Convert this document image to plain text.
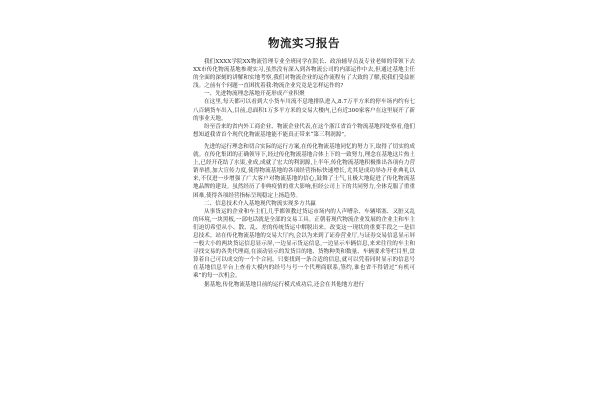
物流实习报告

我们XXXX学院XX物流管理专业全班同学在院长、政治辅导员及专业老师的带领下去XX市传化物流基地参观实习,虽然没有深入到各物流公司的内部运作中去,但通过基地主任的全面的深刻的讲解和实地考察,我们对物流企业的运作流程有了大致的了解,使我们受益匪浅。之前有个问题一直困扰着我:物流企业究竟是怎样运作的?

一、先进物流理念落地开花形成产业积聚

在这里,每天都可以看到大小货车川流不息地排队进入,8.7万平方米的停车场内约有七八百辆货车出入,目前,总面积1万多平方米的交易大楼内,已有近300家客户在这里展开了新的事业天地。

纷至沓来的省内外工商企业、物流企业代表,在这个浙江省首个物流基地四处察看,他们想知道我省首个现代化物流基地能不能真正带来“第三利润源”。

先进的运行理念和切合实际的运行方案,在传化物流基地同忆的努力下,取得了切实的成就。在传化集团的正确领导下,经过传化物流基地合体上下的一致努力,理念在基地这片热土上,已经开花结了水果,业成,成就了宏大的利润源,上半年,传化物流基地积极推出各项有力营销举措,加大宣传力度,使得物流基地的各项经营指标快速增长,尤其是成功举办开业典礼以来,不仅进一步增强了广大客户对物流基地的信心,鼓舞了士气,且极大地促进了传化物流基地品牌的建设。虽然经历了非典疫情的重大影响,但经公司上下的共同努力,全体克服了重重困难,使得各项经营指标呈现稳定上扬趋势。

二、信息技术介入基地现代物流实现多方共赢

从事货运的企业和车主们,几乎都领教过货运市场内的人声嘈杂、车辆堵塞、又脏又乱的环境,一块黑板,一部电话就是全部的交易工具。正朝着现代物流企业发展的企业主和车主们迫切希望从小、散、乱、差的传统货运中解脱出来。改变这一现状的重要手段之一是信息技术。站在传化物流基地的交易大厅内,会以为来到了证券营业厅,与证券交易信息显示屏一般大小的两块货运信息显示屏,一边显示货运信息,一边显示车辆信息,来来往往的车主和寻找交易的各类代理商,在滚动显示的发货目的地、货物种类和数量、车辆要求等栏目里,盘算着自己可以成交的一个个合同。只要找到一条合适的信息,就可以凭着同时显示的信息号在基地信息平台上查看大模内的经号与号一个代理商联系,签约,谁也省不得错过“有机可乘”的每一次机会。

据基地,传化物流基地目前的运行模式成功后,还会在其他地方进行
